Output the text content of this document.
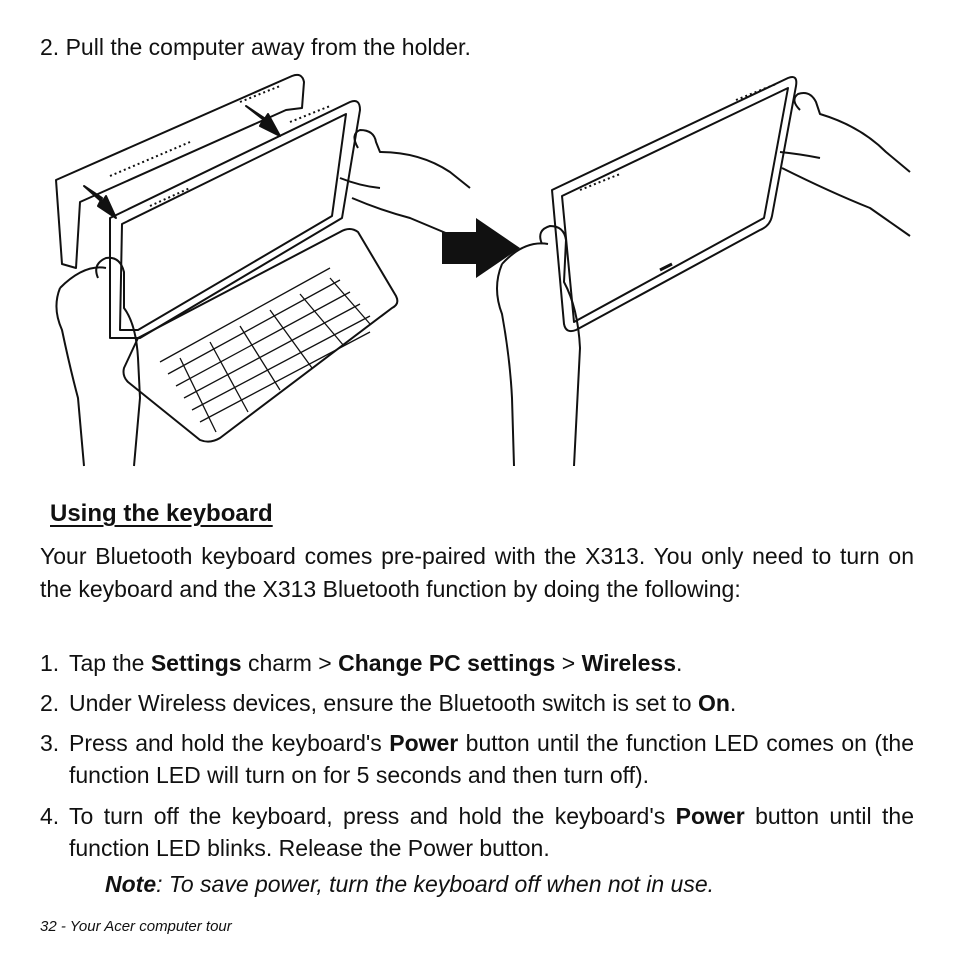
2. Pull the computer away from the holder.
Using the keyboard
Your Bluetooth keyboard comes pre-paired with the X313. You only need to turn on the keyboard and the X313 Bluetooth function by doing the following:
1. Tap the Settings charm > Change PC settings > Wireless.
2. Under Wireless devices, ensure the Bluetooth switch is set to On.
3. Press and hold the keyboard's Power button until the function LED comes on (the function LED will turn on for 5 seconds and then turn off).
4. To turn off the keyboard, press and hold the keyboard's Power button until the function LED blinks. Release the Power button.
Note: To save power, turn the keyboard off when not in use.
32 - Your Acer computer tour
